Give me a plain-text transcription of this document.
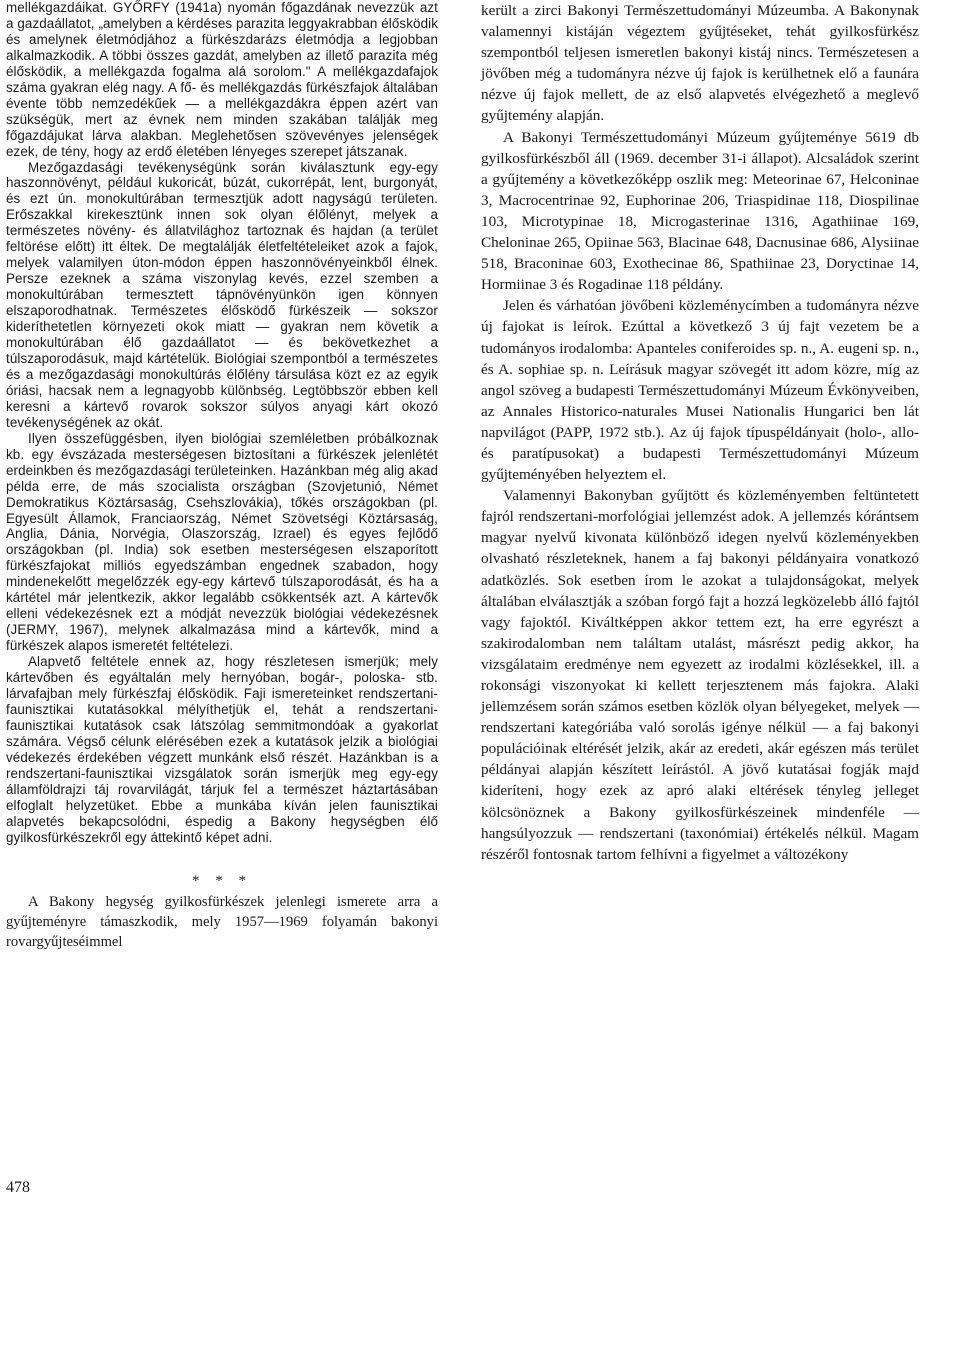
mellékgazdáikat. GYŐRFY (1941a) nyomán főgazdának nevezzük azt a gazdaállatot, „amelyben a kérdéses parazita leggyakrabban élősködik és amelynek életmódjához a fürkészdarázs életmódja a legjobban alkalmazkodik. A többi összes gazdát, amelyben az illető parazita még élősködik, a mellékgazda fogalma alá sorolom." A mellékgazdafajok száma gyakran elég nagy. A fő- és mellékgazdás fürkészfajok általában évente több nemzedékűek — a mellékgazdákra éppen azért van szükségük, mert az évnek nem minden szakában találják meg főgazdájukat lárva alakban. Meglehetősen szövevényes jelenségek ezek, de tény, hogy az erdő életében lényeges szerepet játszanak.

Mezőgazdasági tevékenységünk során kiválasztunk egy-egy haszonnövényt, például kukoricát, búzát, cukorrépát, lent, burgonyát, és ezt ún. monokultúrában termesztjük adott nagyságú területen. Erőszakkal kirekesztünk innen sok olyan élőlényt, melyek a természetes növény- és állatvilághoz tartoznak és hajdan (a terület feltörése előtt) itt éltek. De megtalálják életfeltételeiket azok a fajok, melyek valamilyen úton-módon éppen haszonnövényeinkből élnek. Persze ezeknek a száma viszonylag kevés, ezzel szemben a monokultúrában termesztett tápnövényünkön igen könnyen elszaporodhatnak. Természetes élősködő fürkészeik — sokszor kideríthetetlen környezeti okok miatt — gyakran nem követik a monokultúrában élő gazdaállatot — és bekövetkezhet a túlszaporodásuk, majd kártételük. Biológiai szempontból a természetes és a mezőgazdasági monokultúrás élőlény társulása közt ez az egyik óriási, hacsak nem a legnagyobb különbség. Legtöbbször ebben kell keresni a kártevő rovarok sokszor súlyos anyagi kárt okozó tevékenységének az okát.

Ilyen összefüggésben, ilyen biológiai szemléletben próbálkoznak kb. egy évszázada mesterségesen biztosítani a fürkészek jelenlétét erdeinkben és mezőgazdasági területeinken. Hazánkban még alig akad példa erre, de más szocialista országban (Szovjetunió, Német Demokratikus Köztársaság, Csehszlovákia), tőkés országokban (pl. Egyesült Államok, Franciaország, Német Szövetségi Köztársaság, Anglia, Dánia, Norvégia, Olaszország, Izrael) és egyes fejlődő országokban (pl. India) sok esetben mesterségesen elszaporított fürkészfajokat milliós egyedszámban engednek szabadon, hogy mindenekelőtt megelőzzék egy-egy kártevő túlszaporodását, és ha a kártétel már jelentkezik, akkor legalább csökkentsék azt. A kártevők elleni védekezésnek ezt a módját nevezzük biológiai védekezésnek (JERMY, 1967), melynek alkalmazása mind a kártevők, mind a fürkészek alapos ismeretét feltételezi.

Alapvető feltétele ennek az, hogy részletesen ismerjük; mely kártevőben és egyáltalán mely hernyóban, bogár-, poloska- stb. lárvafajban mely fürkészfaj élősködik. Faji ismereteinket rendszertani-faunisztikai kutatásokkal mélyíthetjük el, tehát a rendszertani-faunisztikai kutatások csak látszólag semmitmondóak a gyakorlat számára. Végső célunk elérésében ezek a kutatások jelzik a biológiai védekezés érdekében végzett munkánk első részét. Hazánkban is a rendszertani-faunisztikai vizsgálatok során ismerjük meg egy-egy államföldrajzi táj rovarvilágát, tárjuk fel a természet háztartásában elfoglalt helyzetüket. Ebbe a munkába kíván jelen faunisztikai alapvetés bekapcsolódni, éspedig a Bakony hegységben élő gyilkosfürkészekről egy áttekintő képet adni.

* * *

A Bakony hegység gyilkosfürkészek jelenlegi ismerete arra a gyűjteményre támaszkodik, mely 1957—1969 folyamán bakonyi rovargyűjteséimmel

került a zirci Bakonyi Természettudományi Múzeumba. A Bakonynak valamennyi kistáján végeztem gyűjtéseket, tehát gyilkosfürkész szempontból teljesen ismeretlen bakonyi kistáj nincs. Természetesen a jövőben még a tudományra nézve új fajok is kerülhetnek elő a faunára nézve új fajok mellett, de az első alapvetés elvégezhető a meglevő gyűjtemény alapján.

A Bakonyi Természettudományi Múzeum gyűjteménye 5619 db gyilkosfürkészből áll (1969. december 31-i állapot). Alcsaládok szerint a gyűjtemény a következőképp oszlik meg: Meteorinae 67, Helconinae 3, Macrocentrinae 92, Euphorinae 206, Triaspidinae 118, Diospilinae 103, Microtypinae 18, Microgasterinae 1316, Agathiinae 169, Cheloninae 265, Opiinae 563, Blacinae 648, Dacnusinae 686, Alysiinae 518, Braconinae 603, Exothecinae 86, Spathiinae 23, Doryctinae 14, Hormiinae 3 és Rogadinae 118 példány.

Jelen és várhatóan jövőbeni közleménycímben a tudományra nézve új fajokat is leírok. Ezúttal a következő 3 új fajt vezetem be a tudományos irodalomba: Apanteles coniferoides sp. n., A. eugeni sp. n., és A. sophiae sp. n. Leírásuk magyar szövegét itt adom közre, míg az angol szöveg a budapesti Természettudományi Múzeum Évkönyveiben, az Annales Historico-naturales Musei Nationalis Hungarici ben lát napvilágot (PAPP, 1972 stb.). Az új fajok típuspéldányait (holo-, allo- és paratípusokat) a budapesti Természettudományi Múzeum gyűjteményében helyeztem el.

Valamennyi Bakonyban gyűjtött és közleményemben feltüntetett fajról rendszertani-morfológiai jellemzést adok. A jellemzés kórántsem magyar nyelvű kivonata különböző idegen nyelvű közleményekben olvasható részleteknek, hanem a faj bakonyi példányaira vonatkozó adatközlés. Sok esetben írom le azokat a tulajdonságokat, melyek általában elválasztják a szóban forgó fajt a hozzá legközelebb álló fajtól vagy fajoktól. Kiváltképpen akkor tettem ezt, ha erre egyrészt a szakirodalomban nem találtam utalást, másrészt pedig akkor, ha vizsgálataim eredménye nem egyezett az irodalmi közlésekkel, ill. a rokonsági viszonyokat ki kellett terjesztenem más fajokra. Alaki jellemzésem során számos esetben közlök olyan bélyegeket, melyek — rendszertani kategóriába való sorolás igénye nélkül — a faj bakonyi populációinak eltérését jelzik, akár az eredeti, akár egészen más terület példányai alapján készített leírástól. A jövő kutatásai fogják majd kideríteni, hogy ezek az apró alaki eltérések tényleg jelleget kölcsönöznek a Bakony gyilkosfürkészeinek mindenféle — hangsúlyozzuk — rendszertani (taxonómiai) értékelés nélkül. Magam részéről fontosnak tartom felhívni a figyelmet a változékony

478
